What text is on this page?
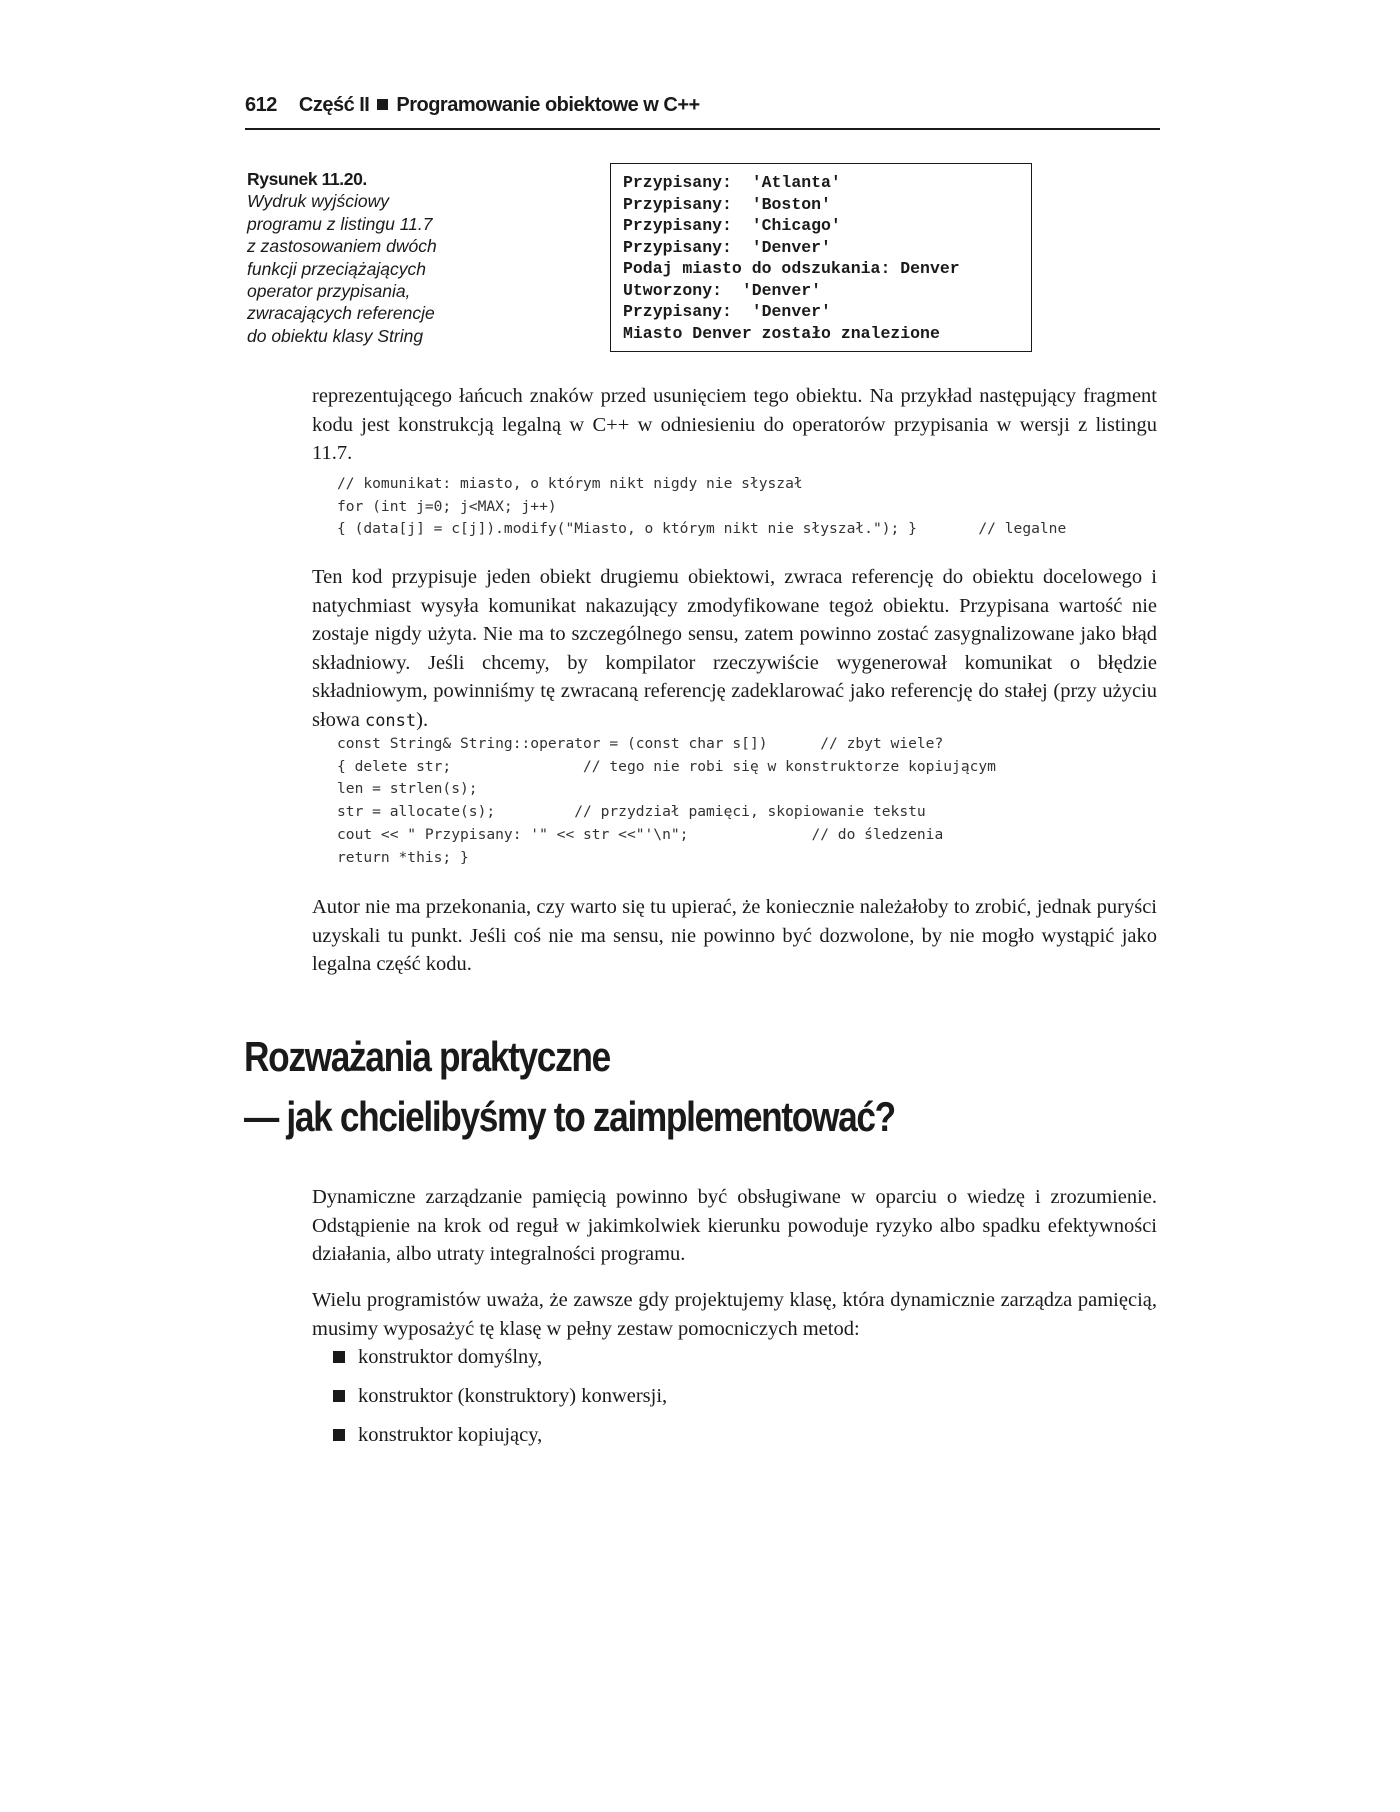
612 Część II Programowanie obiektowe w C++
Rysunek 11.20.
Wydruk wyjściowy
programu z listingu 11.7
z zastosowaniem dwóch
funkcji przeciążających
operator przypisania,
zwracających referencje
do obiektu klasy String
Przypisany:  'Atlanta'
Przypisany:  'Boston'
Przypisany:  'Chicago'
Przypisany:  'Denver'
Podaj miasto do odszukania: Denver
Utworzony:  'Denver'
Przypisany:  'Denver'
Miasto Denver zostało znalezione
reprezentującego łańcuch znaków przed usunięciem tego obiektu. Na przykład następujący fragment kodu jest konstrukcją legalną w C++ w odniesieniu do operatorów przypisania w wersji z listingu 11.7.
// komunikat: miasto, o którym nikt nigdy nie słyszał
for (int j=0; j<MAX; j++)
{ (data[j] = c[j]).modify("Miasto, o którym nikt nie słyszał."); }       // legalne
Ten kod przypisuje jeden obiekt drugiemu obiektowi, zwraca referencję do obiektu docelowego i natychmiast wysyła komunikat nakazujący zmodyfikowane tegoż obiektu. Przypisana wartość nie zostaje nigdy użyta. Nie ma to szczególnego sensu, zatem powinno zostać zasygnalizowane jako błąd składniowy. Jeśli chcemy, by kompilator rzeczywiście wygenerował komunikat o błędzie składniowym, powinniśmy tę zwracaną referencję zadeklarować jako referencję do stałej (przy użyciu słowa const).
const String& String::operator = (const char s[])      // zbyt wiele?
{ delete str;               // tego nie robi się w konstruktorze kopiującym
len = strlen(s);
str = allocate(s);         // przydział pamięci, skopiowanie tekstu
cout << " Przypisany: '" << str <<"'\n";              // do śledzenia
return *this; }
Autor nie ma przekonania, czy warto się tu upierać, że koniecznie należałoby to zrobić, jednak puryści uzyskali tu punkt. Jeśli coś nie ma sensu, nie powinno być dozwolone, by nie mogło wystąpić jako legalna część kodu.
Rozważania praktyczne
— jak chcielibyśmy to zaimplementować?
Dynamiczne zarządzanie pamięcią powinno być obsługiwane w oparciu o wiedzę i zrozumienie. Odstąpienie na krok od reguł w jakimkolwiek kierunku powoduje ryzyko albo spadku efektywności działania, albo utraty integralności programu.
Wielu programistów uważa, że zawsze gdy projektujemy klasę, która dynamicznie zarządza pamięcią, musimy wyposażyć tę klasę w pełny zestaw pomocniczych metod:
konstruktor domyślny,
konstruktor (konstruktory) konwersji,
konstruktor kopiujący,
